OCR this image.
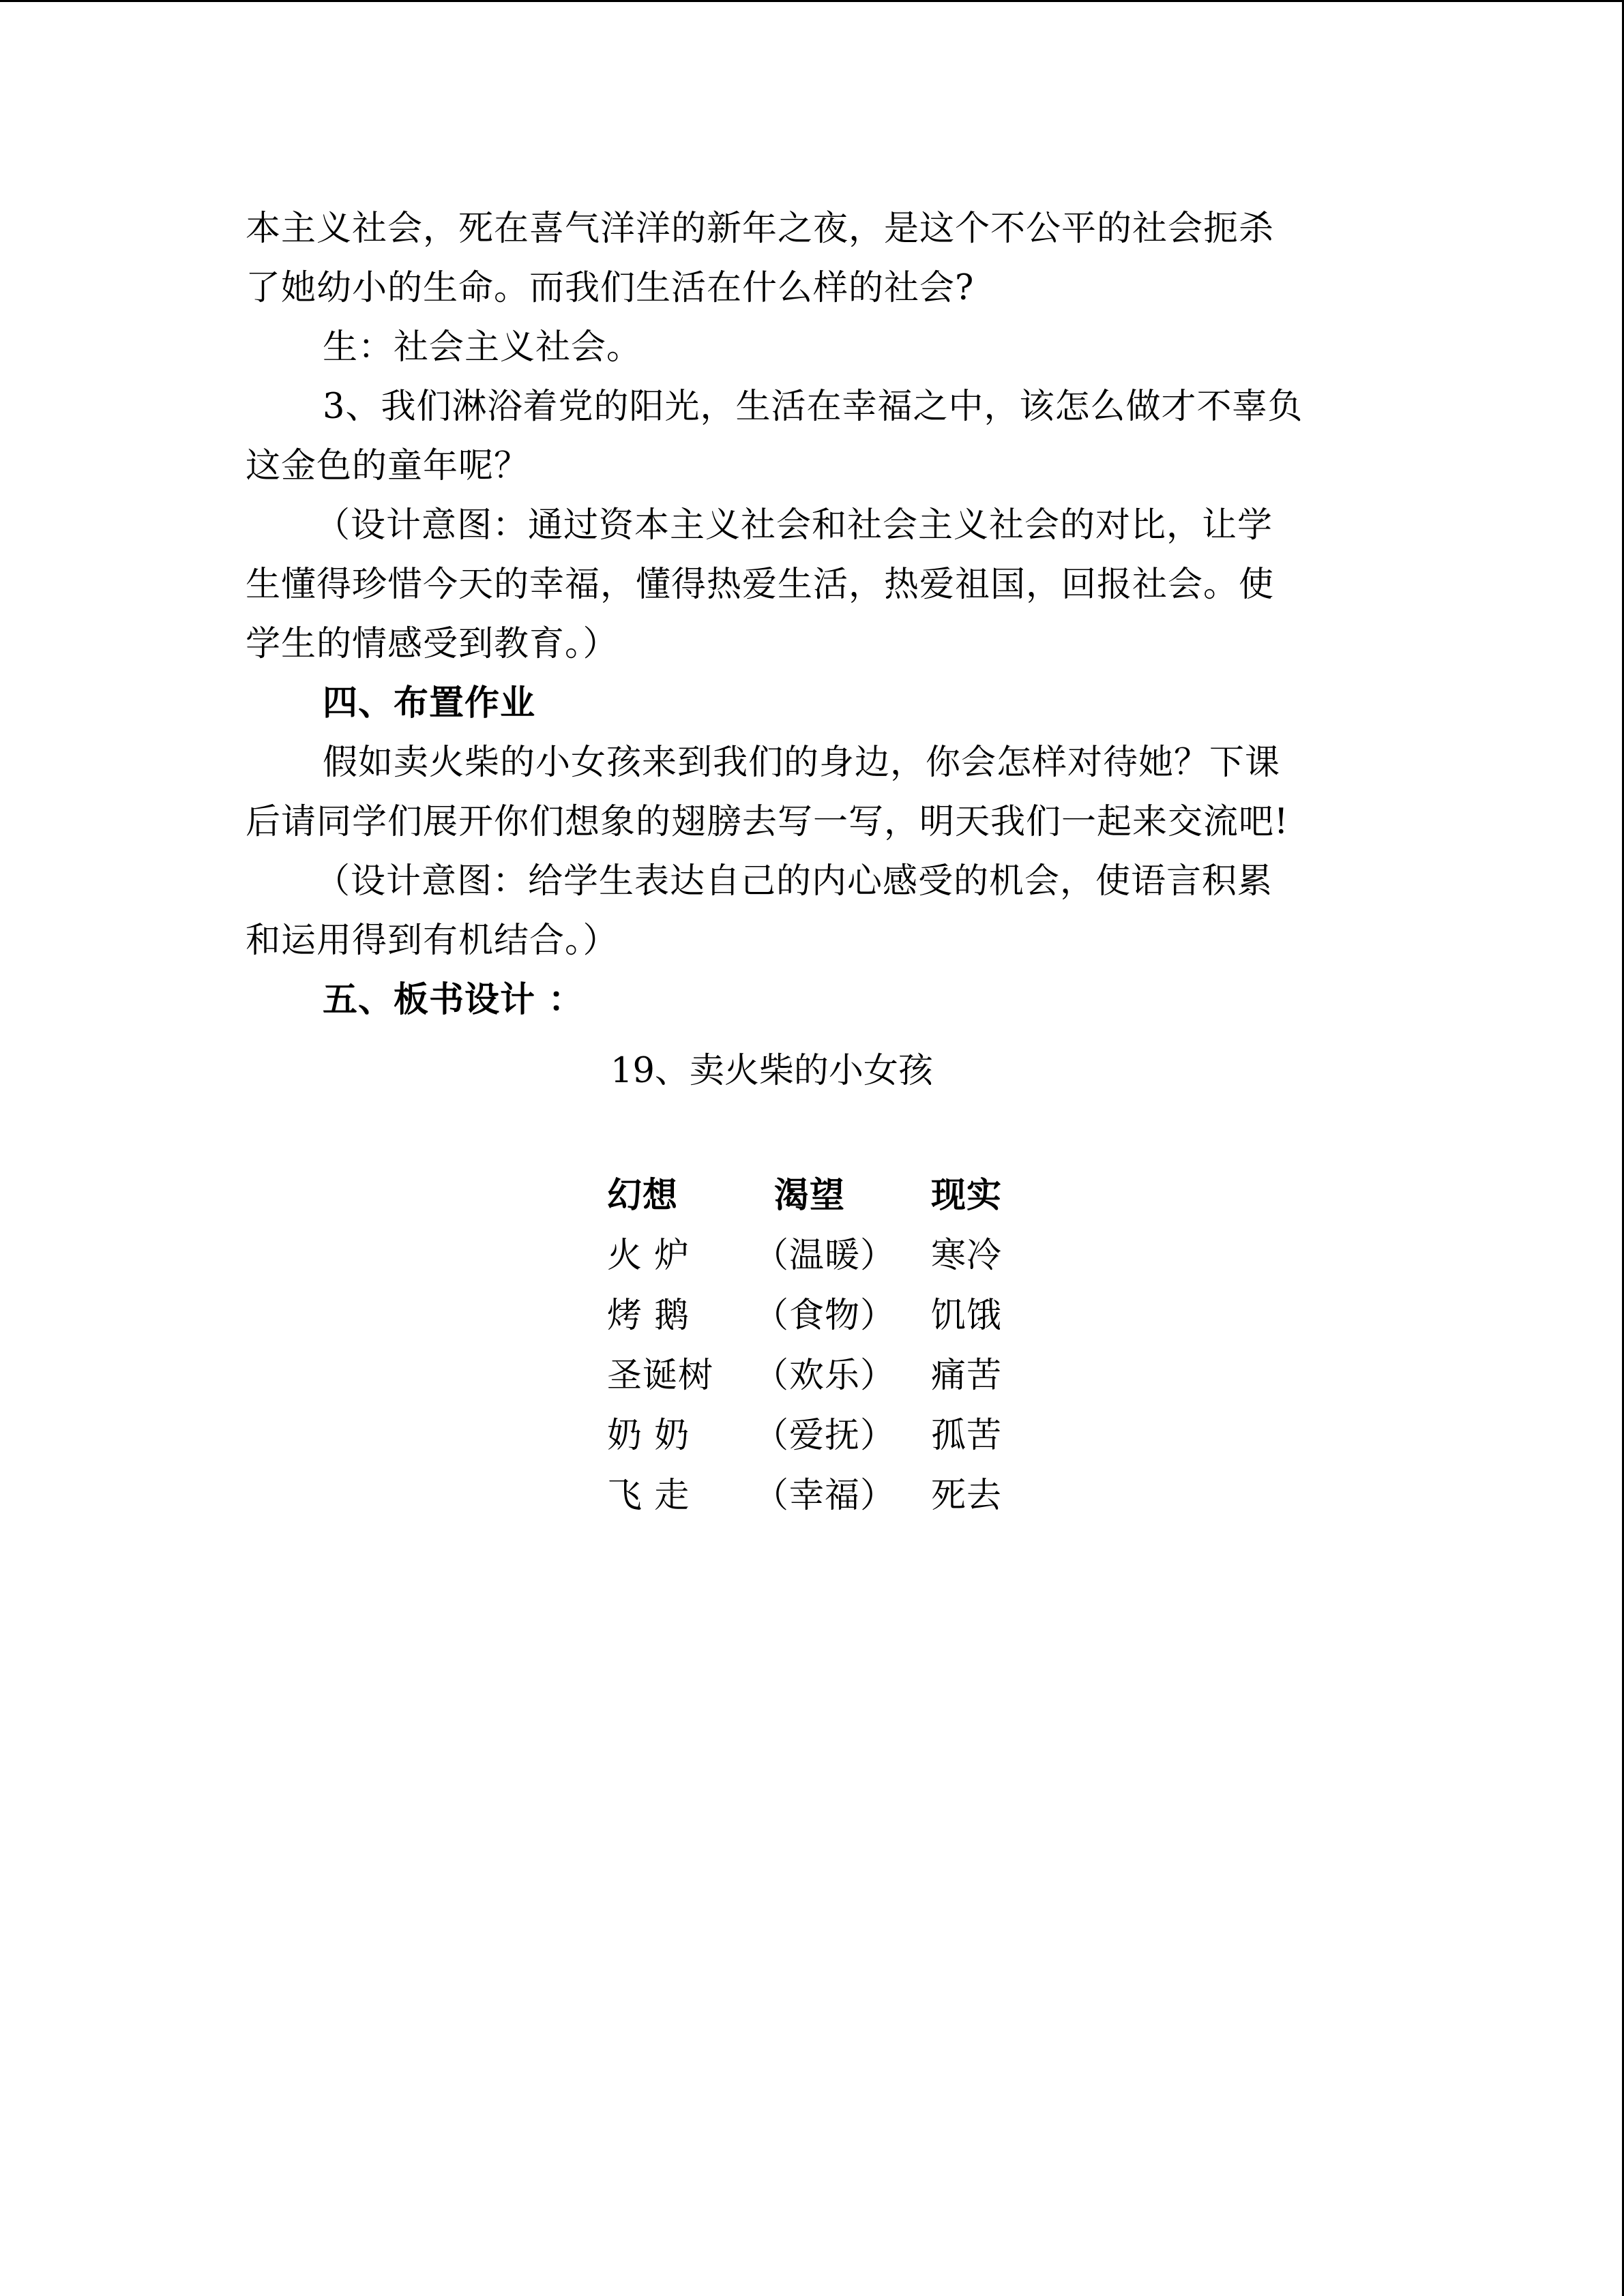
本主义社会，死在喜气洋洋的新年之夜，是这个不公平的社会扼杀
了她幼小的生命。而我们生活在什么样的社会?
生：社会主义社会。
3、我们淋浴着党的阳光，生活在幸福之中，该怎么做才不辜负
这金色的童年呢？
（设计意图：通过资本主义社会和社会主义社会的对比，让学
生懂得珍惜今天的幸福，懂得热爱生活，热爱祖国，回报社会。使
学生的情感受到教育。）
四、布置作业
假如卖火柴的小女孩来到我们的身边，你会怎样对待她？下课
后请同学们展开你们想象的翅膀去写一写，明天我们一起来交流吧!
（设计意图：给学生表达自己的内心感受的机会，使语言积累
和运用得到有机结合。）
五、板书设计 ：
19、卖火柴的小女孩
幻想	渴望	现实
火 炉	（温暖）	寒冷
烤 鹅	（食物）	饥饿
圣诞树	（欢乐）	痛苦
奶 奶	（爱抚）	孤苦
飞 走	（幸福）	死去
